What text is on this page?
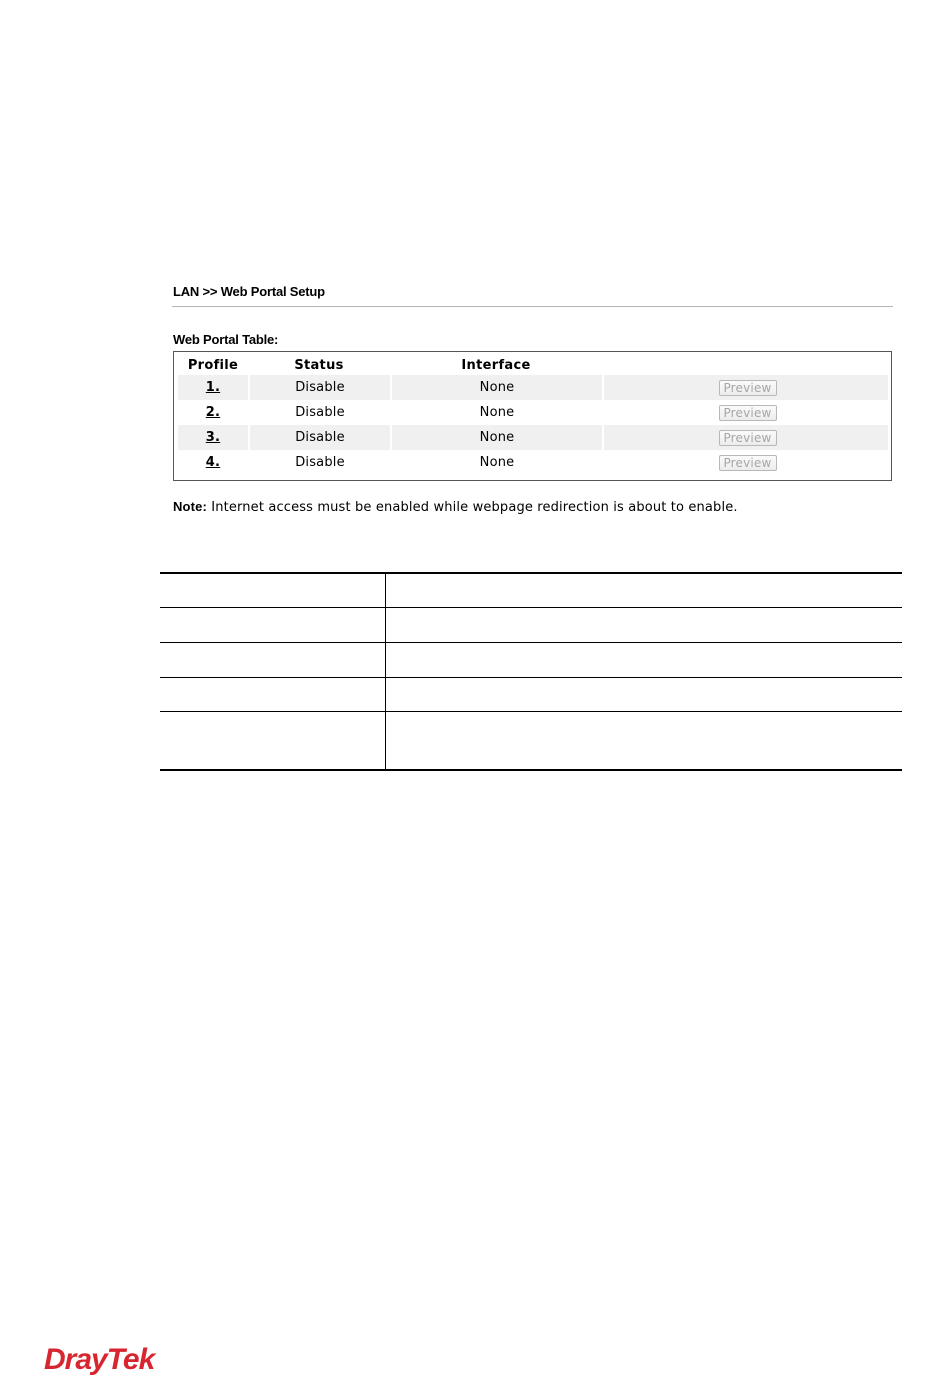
LAN >> Web Portal Setup
Web Portal Table:
Profile	Status	Interface	
1.	Disable	None	Preview
2.	Disable	None	Preview
3.	Disable	None	Preview
4.	Disable	None	Preview
Note: Internet access must be enabled while webpage redirection is about to enable.
DrayTek
